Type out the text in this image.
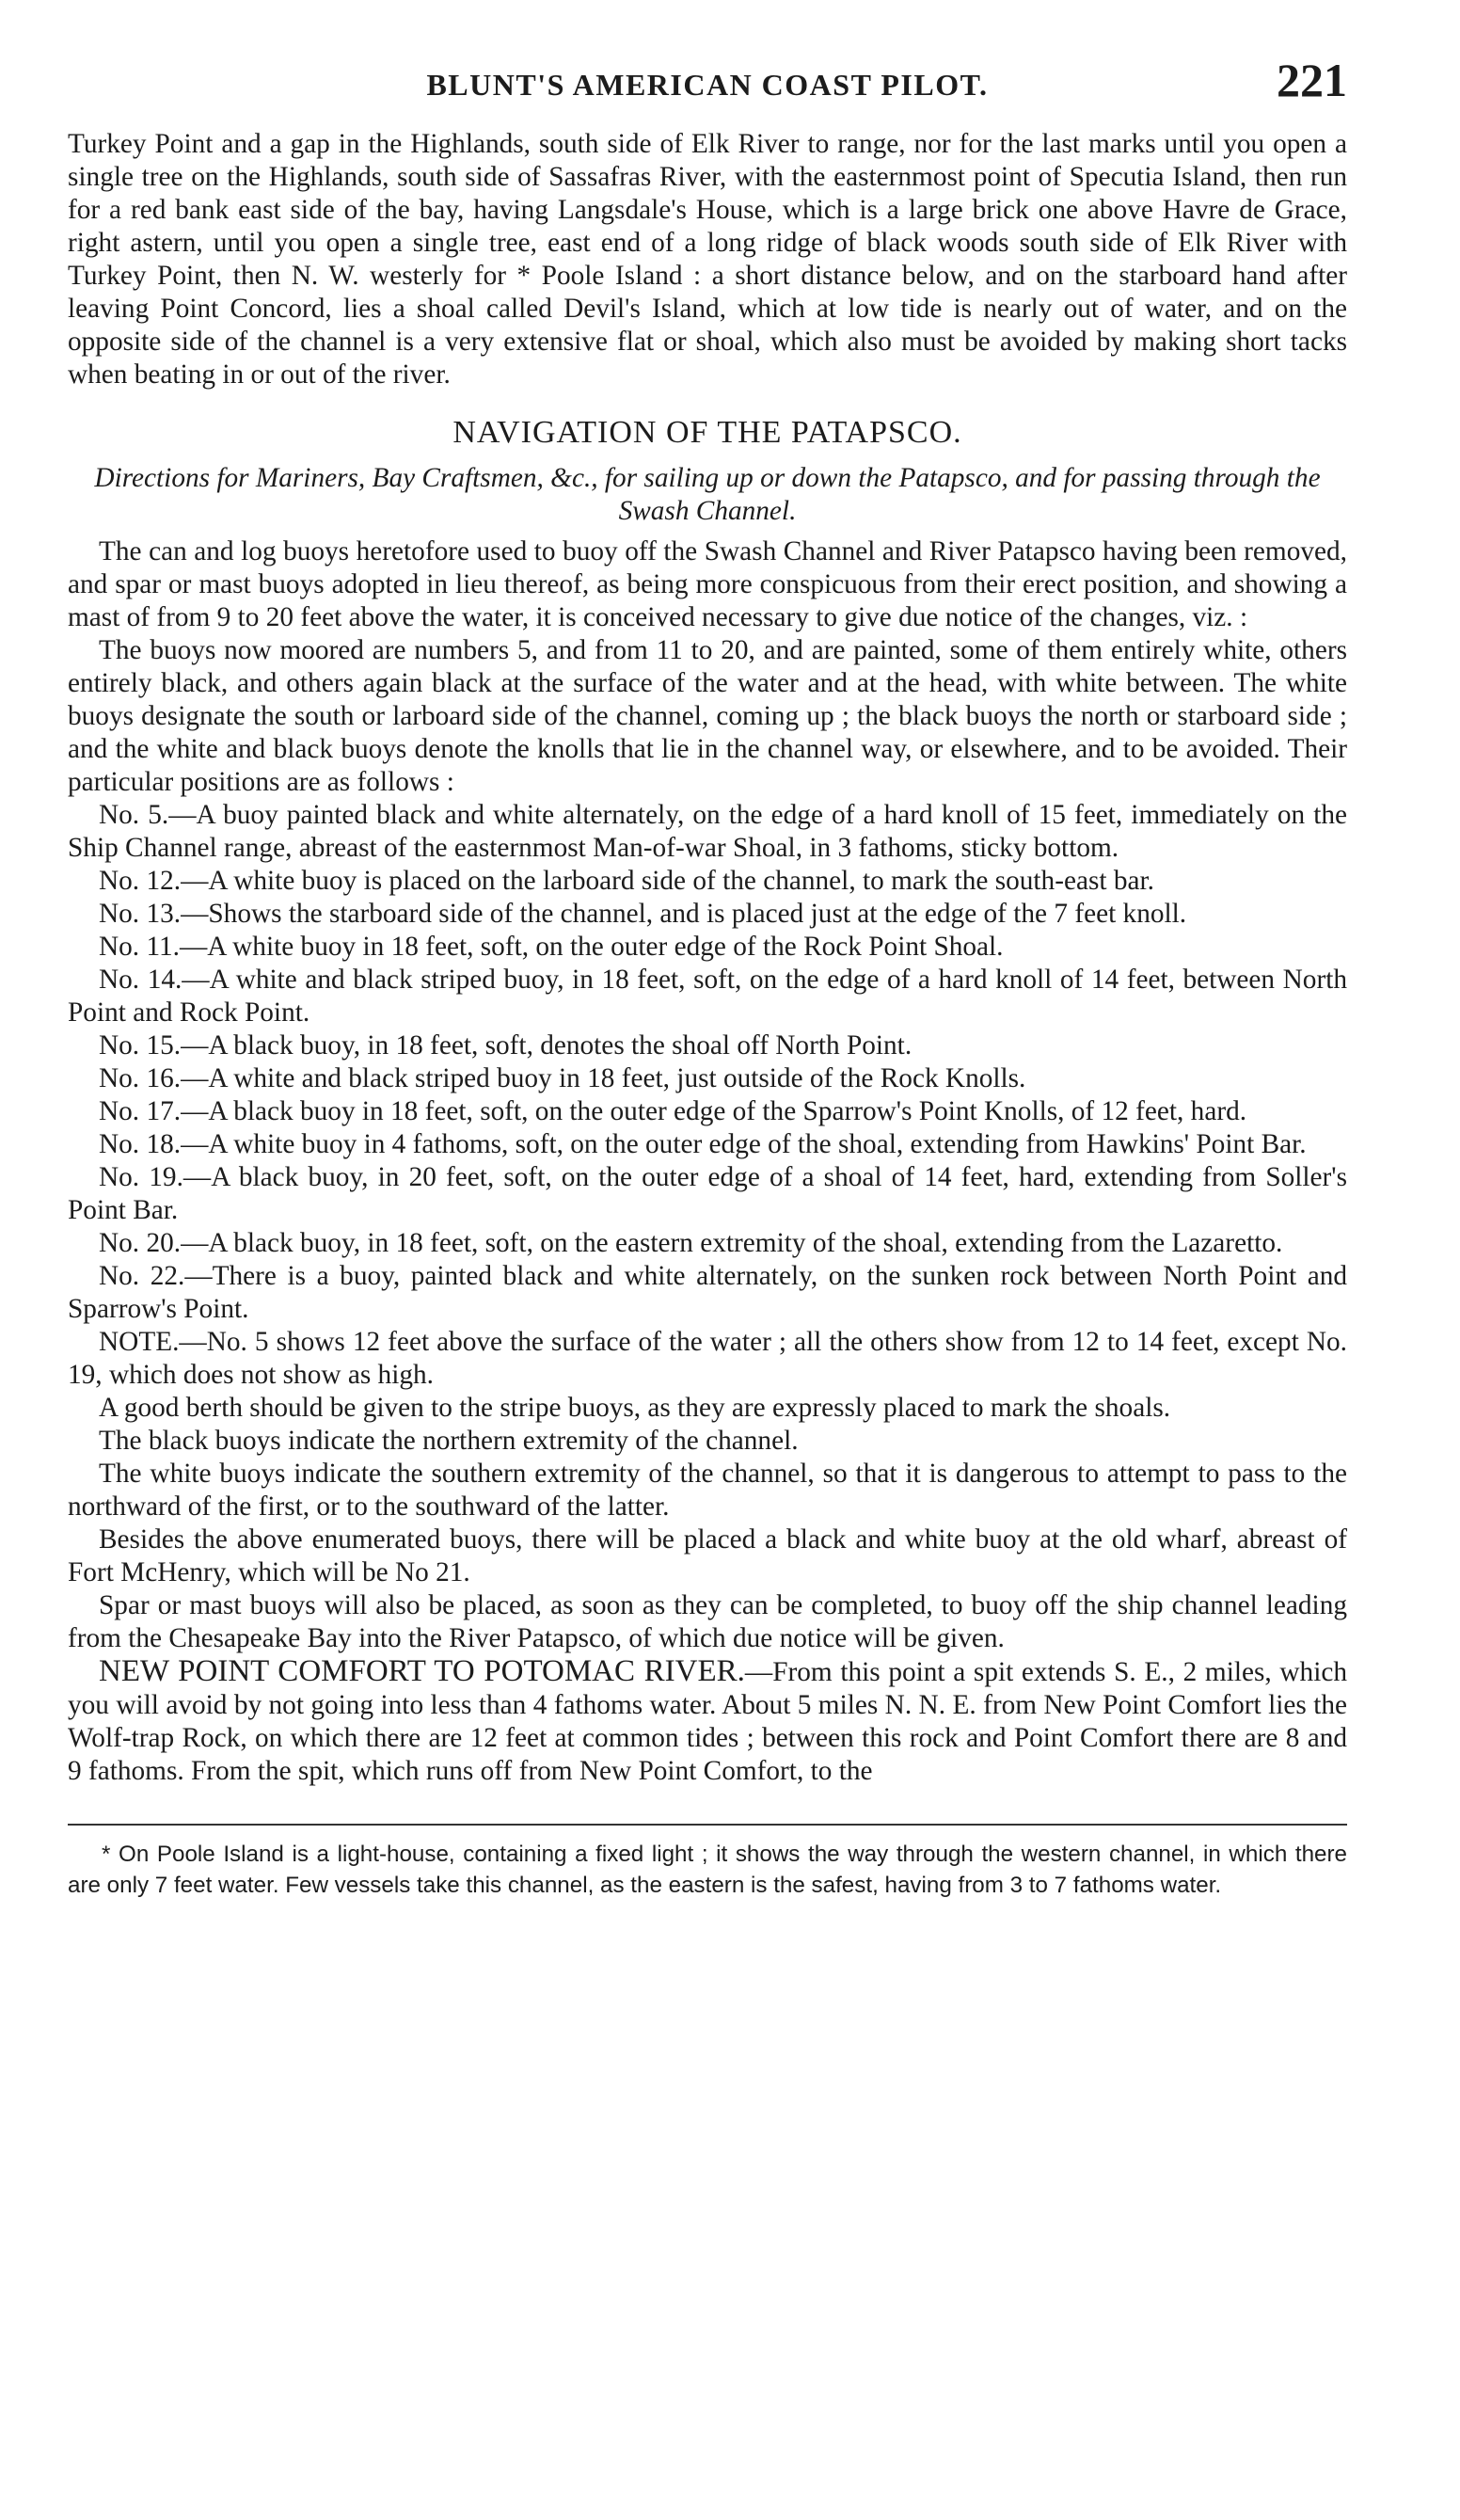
BLUNT'S AMERICAN COAST PILOT.	221

Turkey Point and a gap in the Highlands, south side of Elk River to range, nor for the last marks until you open a single tree on the Highlands, south side of Sassafras River, with the easternmost point of Specutia Island, then run for a red bank east side of the bay, having Langsdale's House, which is a large brick one above Havre de Grace, right astern, until you open a single tree, east end of a long ridge of black woods south side of Elk River with Turkey Point, then N. W. westerly for * Poole Island : a short distance below, and on the starboard hand after leaving Point Concord, lies a shoal called Devil's Island, which at low tide is nearly out of water, and on the opposite side of the channel is a very extensive flat or shoal, which also must be avoided by making short tacks when beating in or out of the river.

NAVIGATION OF THE PATAPSCO.
Directions for Mariners, Bay Craftsmen, &c., for sailing up or down the Patapsco, and for passing through the Swash Channel.

The can and log buoys heretofore used to buoy off the Swash Channel and River Patapsco having been removed, and spar or mast buoys adopted in lieu thereof, as being more conspicuous from their erect position, and showing a mast of from 9 to 20 feet above the water, it is conceived necessary to give due notice of the changes, viz. :

The buoys now moored are numbers 5, and from 11 to 20, and are painted, some of them entirely white, others entirely black, and others again black at the surface of the water and at the head, with white between. The white buoys designate the south or larboard side of the channel, coming up ; the black buoys the north or starboard side ; and the white and black buoys denote the knolls that lie in the channel way, or elsewhere, and to be avoided. Their particular positions are as follows :

No. 5.—A buoy painted black and white alternately, on the edge of a hard knoll of 15 feet, immediately on the Ship Channel range, abreast of the easternmost Man-of-war Shoal, in 3 fathoms, sticky bottom.

No. 12.—A white buoy is placed on the larboard side of the channel, to mark the south-east bar.

No. 13.—Shows the starboard side of the channel, and is placed just at the edge of the 7 feet knoll.

No. 11.—A white buoy in 18 feet, soft, on the outer edge of the Rock Point Shoal.

No. 14.—A white and black striped buoy, in 18 feet, soft, on the edge of a hard knoll of 14 feet, between North Point and Rock Point.

No. 15.—A black buoy, in 18 feet, soft, denotes the shoal off North Point.

No. 16.—A white and black striped buoy in 18 feet, just outside of the Rock Knolls.

No. 17.—A black buoy in 18 feet, soft, on the outer edge of the Sparrow's Point Knolls, of 12 feet, hard.

No. 18.—A white buoy in 4 fathoms, soft, on the outer edge of the shoal, extending from Hawkins' Point Bar.

No. 19.—A black buoy, in 20 feet, soft, on the outer edge of a shoal of 14 feet, hard, extending from Soller's Point Bar.

No. 20.—A black buoy, in 18 feet, soft, on the eastern extremity of the shoal, extending from the Lazaretto.

No. 22.—There is a buoy, painted black and white alternately, on the sunken rock between North Point and Sparrow's Point.

NOTE.—No. 5 shows 12 feet above the surface of the water ; all the others show from 12 to 14 feet, except No. 19, which does not show as high.

A good berth should be given to the stripe buoys, as they are expressly placed to mark the shoals.

The black buoys indicate the northern extremity of the channel.

The white buoys indicate the southern extremity of the channel, so that it is dangerous to attempt to pass to the northward of the first, or to the southward of the latter.

Besides the above enumerated buoys, there will be placed a black and white buoy at the old wharf, abreast of Fort McHenry, which will be No 21.

Spar or mast buoys will also be placed, as soon as they can be completed, to buoy off the ship channel leading from the Chesapeake Bay into the River Patapsco, of which due notice will be given.

NEW POINT COMFORT TO POTOMAC RIVER.—From this point a spit extends S. E., 2 miles, which you will avoid by not going into less than 4 fathoms water. About 5 miles N. N. E. from New Point Comfort lies the Wolf-trap Rock, on which there are 12 feet at common tides ; between this rock and Point Comfort there are 8 and 9 fathoms. From the spit, which runs off from New Point Comfort, to the

* On Poole Island is a light-house, containing a fixed light ; it shows the way through the western channel, in which there are only 7 feet water. Few vessels take this channel, as the eastern is the safest, having from 3 to 7 fathoms water.
